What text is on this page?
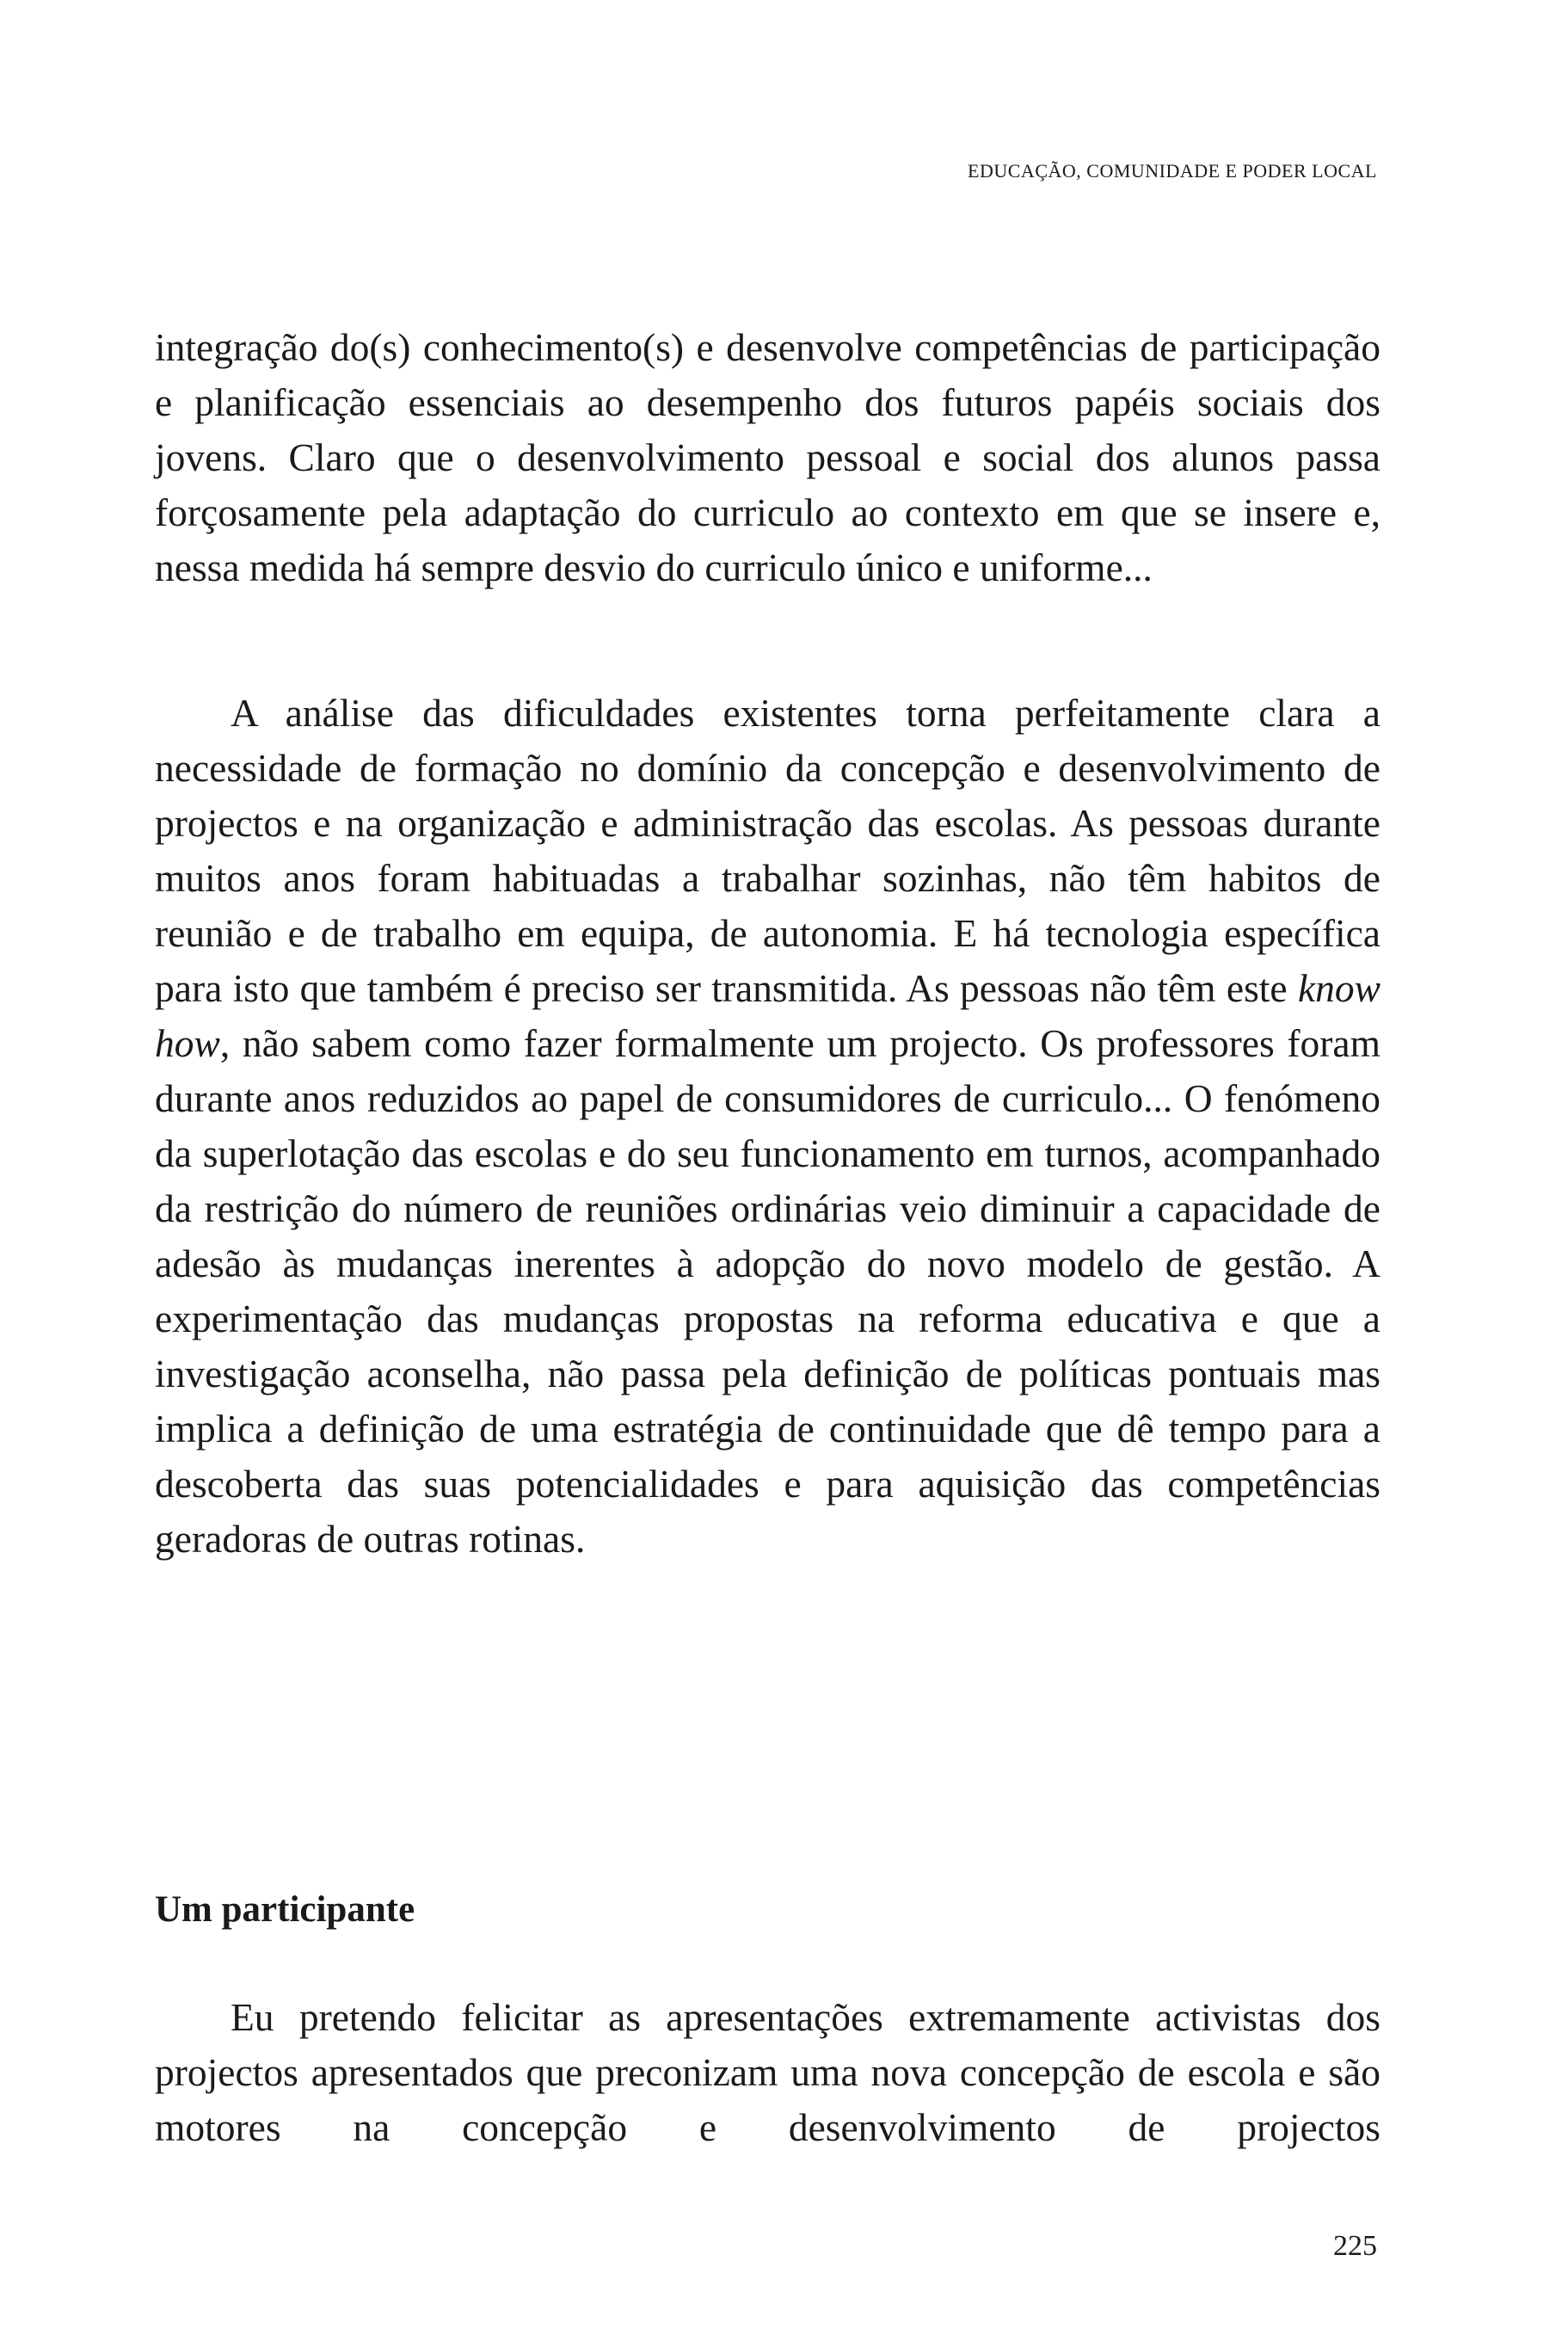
EDUCAÇÃO, COMUNIDADE E PODER LOCAL

integração do(s) conhecimento(s) e desenvolve competências de participação e planificação essenciais ao desempenho dos futuros papéis sociais dos jovens. Claro que o desenvolvimento pessoal e social dos alunos passa forçosamente pela adaptação do curriculo ao contexto em que se insere e, nessa medida há sempre desvio do curriculo único e uniforme...

A análise das dificuldades existentes torna perfeitamente clara a necessidade de formação no domínio da concepção e desenvolvimento de projectos e na organização e administração das escolas. As pessoas durante muitos anos foram habituadas a trabalhar sozinhas, não têm habitos de reunião e de trabalho em equipa, de autonomia. E há tecnologia específica para isto que também é preciso ser transmitida. As pessoas não têm este know how, não sabem como fazer formalmente um projecto. Os professores foram durante anos reduzidos ao papel de consumidores de curriculo... O fenómeno da superlotação das escolas e do seu funcionamento em turnos, acompanhado da restrição do número de reuniões ordinárias veio diminuir a capacidade de adesão às mudanças inerentes à adopção do novo modelo de gestão. A experimentação das mudanças propostas na reforma educativa e que a investigação aconselha, não passa pela definição de políticas pontuais mas implica a definição de uma estratégia de continuidade que dê tempo para a descoberta das suas potencialidades e para aquisição das competências geradoras de outras rotinas.

Um participante

Eu pretendo felicitar as apresentações extremamente activistas dos projectos apresentados que preconizam uma nova concepção de escola e são motores na concepção e desenvolvimento de projectos

225
